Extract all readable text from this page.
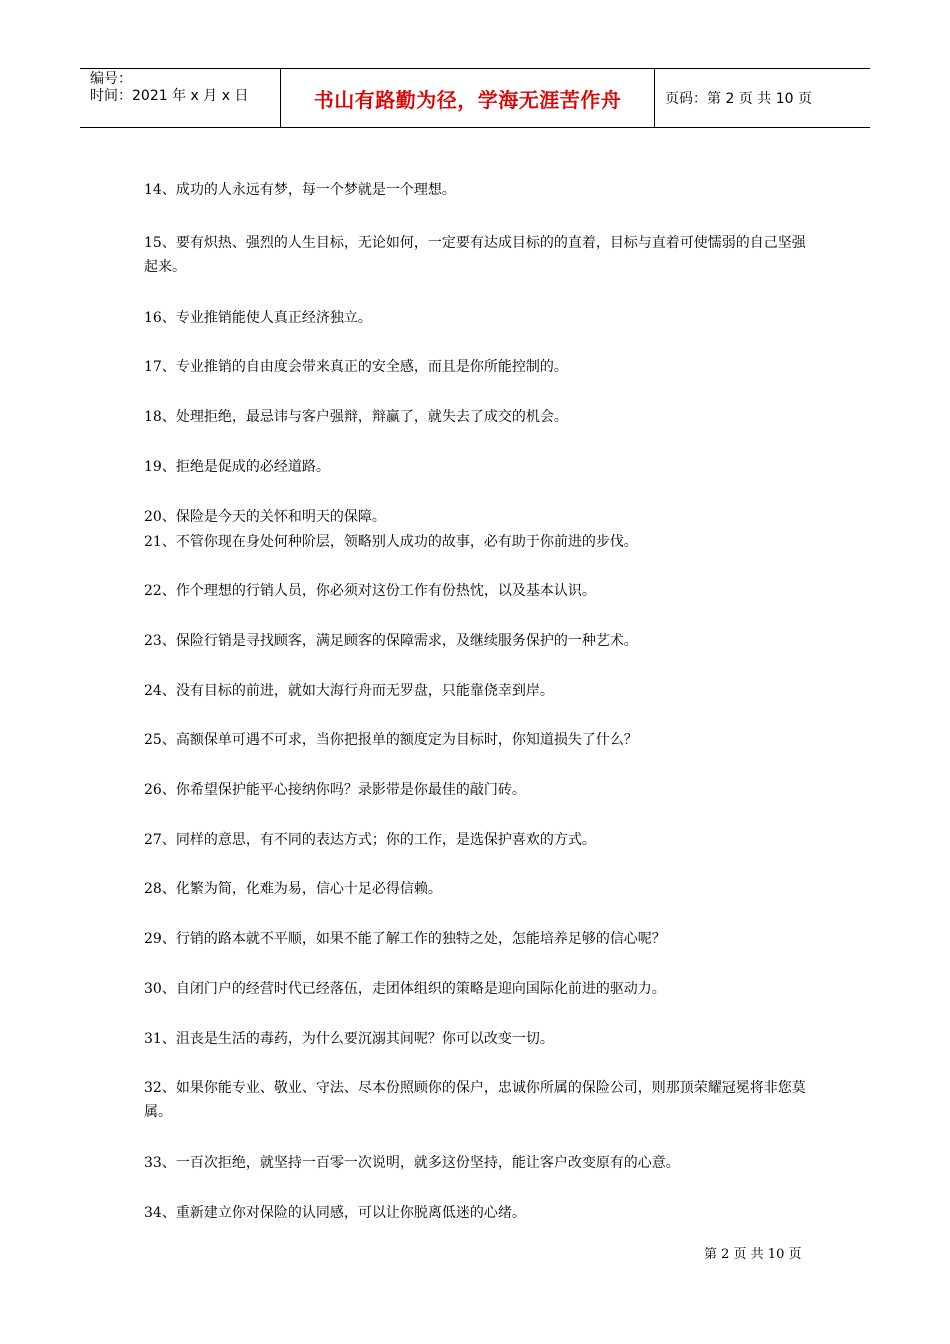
编号：
时间：2021 年 x 月 x 日	书山有路勤为径，学海无涯苦作舟	页码：第 2 页 共 10 页
14、成功的人永远有梦，每一个梦就是一个理想。
15、要有炽热、强烈的人生目标，无论如何，一定要有达成目标的的直着，目标与直着可使懦弱的自己坚强起来。
16、专业推销能使人真正经济独立。
17、专业推销的自由度会带来真正的安全感，而且是你所能控制的。
18、处理拒绝，最忌讳与客户强辩，辩赢了，就失去了成交的机会。
19、拒绝是促成的必经道路。
20、保险是今天的关怀和明天的保障。
21、不管你现在身处何种阶层，领略别人成功的故事，必有助于你前进的步伐。
22、作个理想的行销人员，你必须对这份工作有份热忱，以及基本认识。
23、保险行销是寻找顾客，满足顾客的保障需求，及继续服务保护的一种艺术。
24、没有目标的前进，就如大海行舟而无罗盘，只能靠侥幸到岸。
25、高额保单可遇不可求，当你把报单的额度定为目标时，你知道损失了什么？
26、你希望保护能平心接纳你吗？录影带是你最佳的敲门砖。
27、同样的意思，有不同的表达方式；你的工作，是选保护喜欢的方式。
28、化繁为简，化难为易，信心十足必得信赖。
29、行销的路本就不平顺，如果不能了解工作的独特之处，怎能培养足够的信心呢？
30、自闭门户的经营时代已经落伍，走团体组织的策略是迎向国际化前进的驱动力。
31、沮丧是生活的毒药，为什么要沉溺其间呢？你可以改变一切。
32、如果你能专业、敬业、守法、尽本份照顾你的保户，忠诚你所属的保险公司，则那顶荣耀冠冕将非您莫属。
33、一百次拒绝，就坚持一百零一次说明，就多这份坚持，能让客户改变原有的心意。
34、重新建立你对保险的认同感，可以让你脱离低迷的心绪。
第 2 页 共 10 页
